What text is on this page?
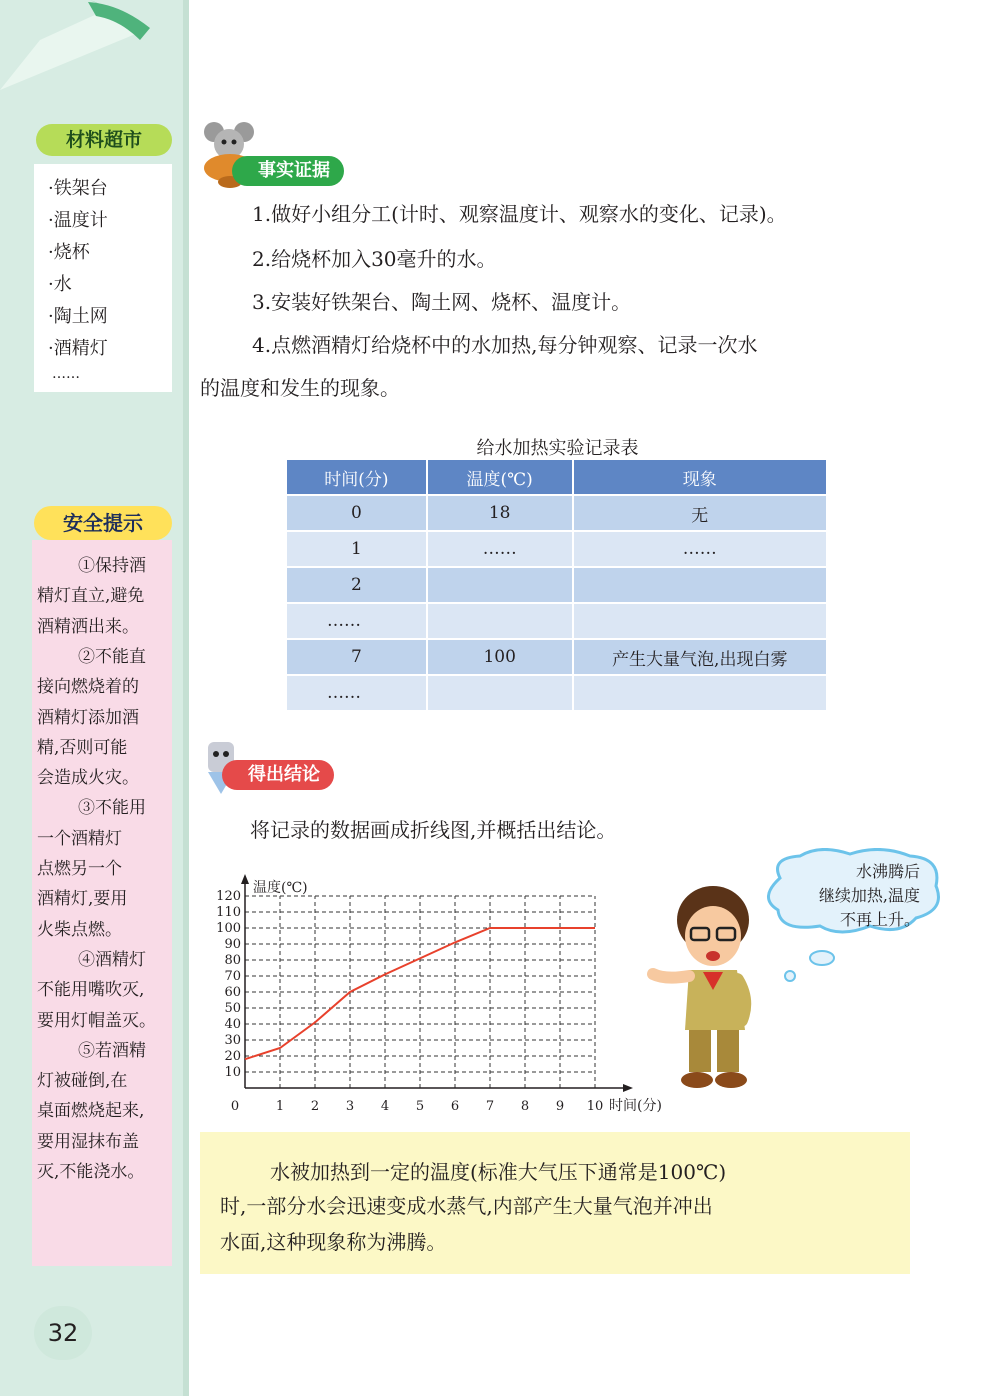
材料超市
·铁架台
·温度计
·烧杯
·水
·陶土网
·酒精灯
……
安全提示
①保持酒
精灯直立,避免
酒精洒出来。
②不能直
接向燃烧着的
酒精灯添加酒
精,否则可能
会造成火灾。
③不能用
一个酒精灯
点燃另一个
酒精灯,要用
火柴点燃。
④酒精灯
不能用嘴吹灭,
要用灯帽盖灭。
⑤若酒精
灯被碰倒,在
桌面燃烧起来,
要用湿抹布盖
灭,不能浇水。
32
事实证据
1.做好小组分工(计时、观察温度计、观察水的变化、记录)。
2.给烧杯加入30毫升的水。
3.安装好铁架台、陶土网、烧杯、温度计。
4.点燃酒精灯给烧杯中的水加热,每分钟观察、记录一次水
的温度和发生的现象。
给水加热实验记录表
时间(分)	温度(℃)	现象
0	18	无
1	……	……
2		
……		
7	100	产生大量气泡,出现白雾
……		
得出结论
将记录的数据画成折线图,并概括出结论。
10
20
30
40
50
60
70
80
90
100
110
120
0	1 2 3 4 5 6 7 8 9 10
温度(℃)
时间(分)
水沸腾后
继续加热,温度
不再上升。
水被加热到一定的温度(标准大气压下通常是100℃)
时,一部分水会迅速变成水蒸气,内部产生大量气泡并冲出
水面,这种现象称为沸腾。
